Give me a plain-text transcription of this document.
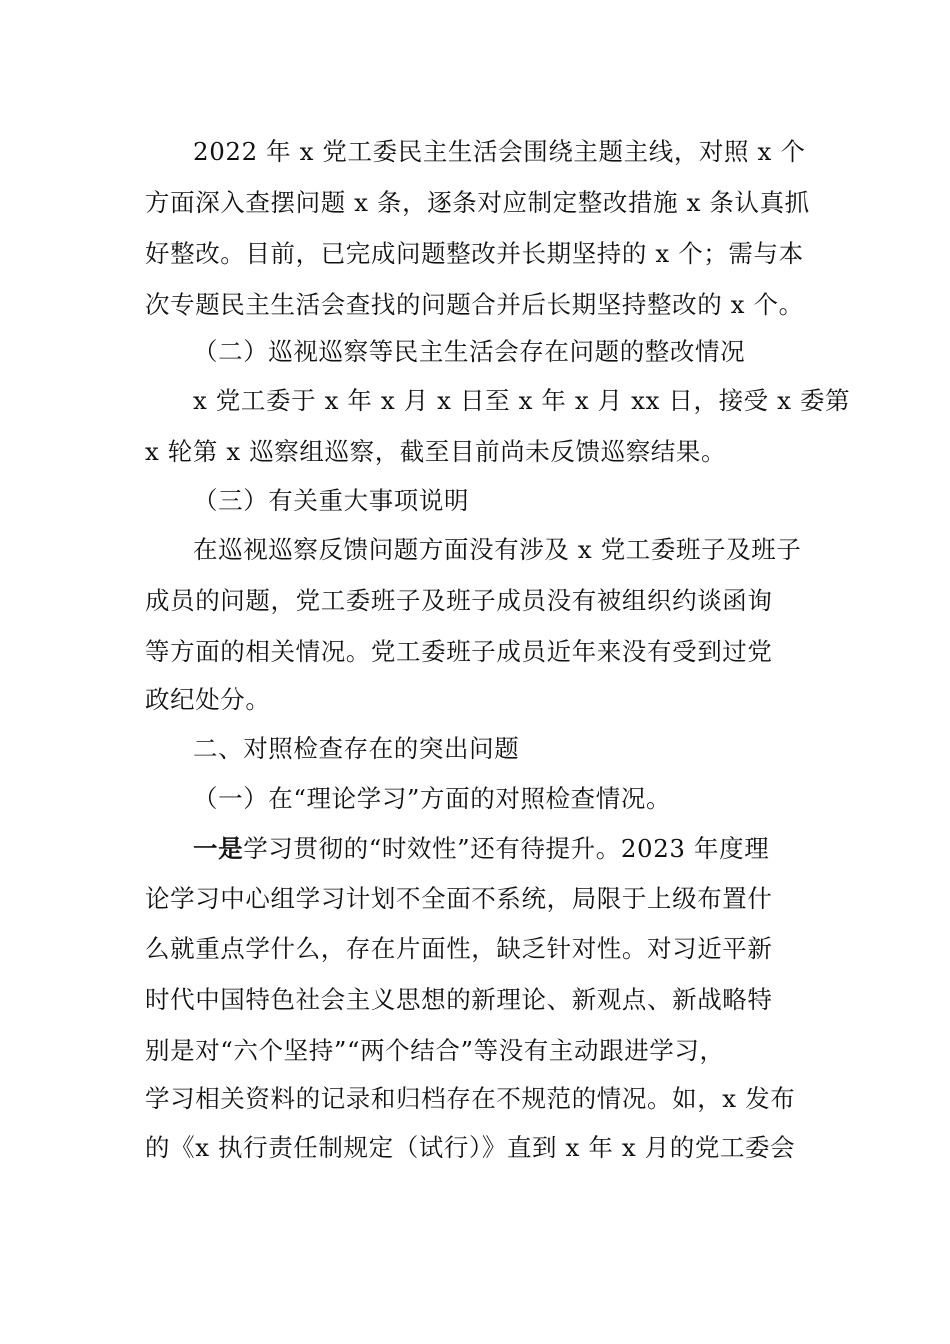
2022 年 x 党工委民主生活会围绕主题主线，对照 x 个
方面深入查摆问题 x 条，逐条对应制定整改措施 x 条认真抓
好整改。目前，已完成问题整改并长期坚持的 x 个；需与本
次专题民主生活会查找的问题合并后长期坚持整改的 x 个。
（二）巡视巡察等民主生活会存在问题的整改情况
x 党工委于 x 年 x 月 x 日至 x 年 x 月 xx 日，接受 x 委第
x 轮第 x 巡察组巡察，截至目前尚未反馈巡察结果。
（三）有关重大事项说明
在巡视巡察反馈问题方面没有涉及 x 党工委班子及班子
成员的问题，党工委班子及班子成员没有被组织约谈函询
等方面的相关情况。党工委班子成员近年来没有受到过党
政纪处分。
二、对照检查存在的突出问题
（一）在“理论学习”方面的对照检查情况。
一是学习贯彻的“时效性”还有待提升。2023 年度理
论学习中心组学习计划不全面不系统，局限于上级布置什
么就重点学什么，存在片面性，缺乏针对性。对习近平新
时代中国特色社会主义思想的新理论、新观点、新战略特
别是对“六个坚持”“两个结合”等没有主动跟进学习，
学习相关资料的记录和归档存在不规范的情况。如，x 发布
的《x 执行责任制规定（试行）》直到 x 年 x 月的党工委会
